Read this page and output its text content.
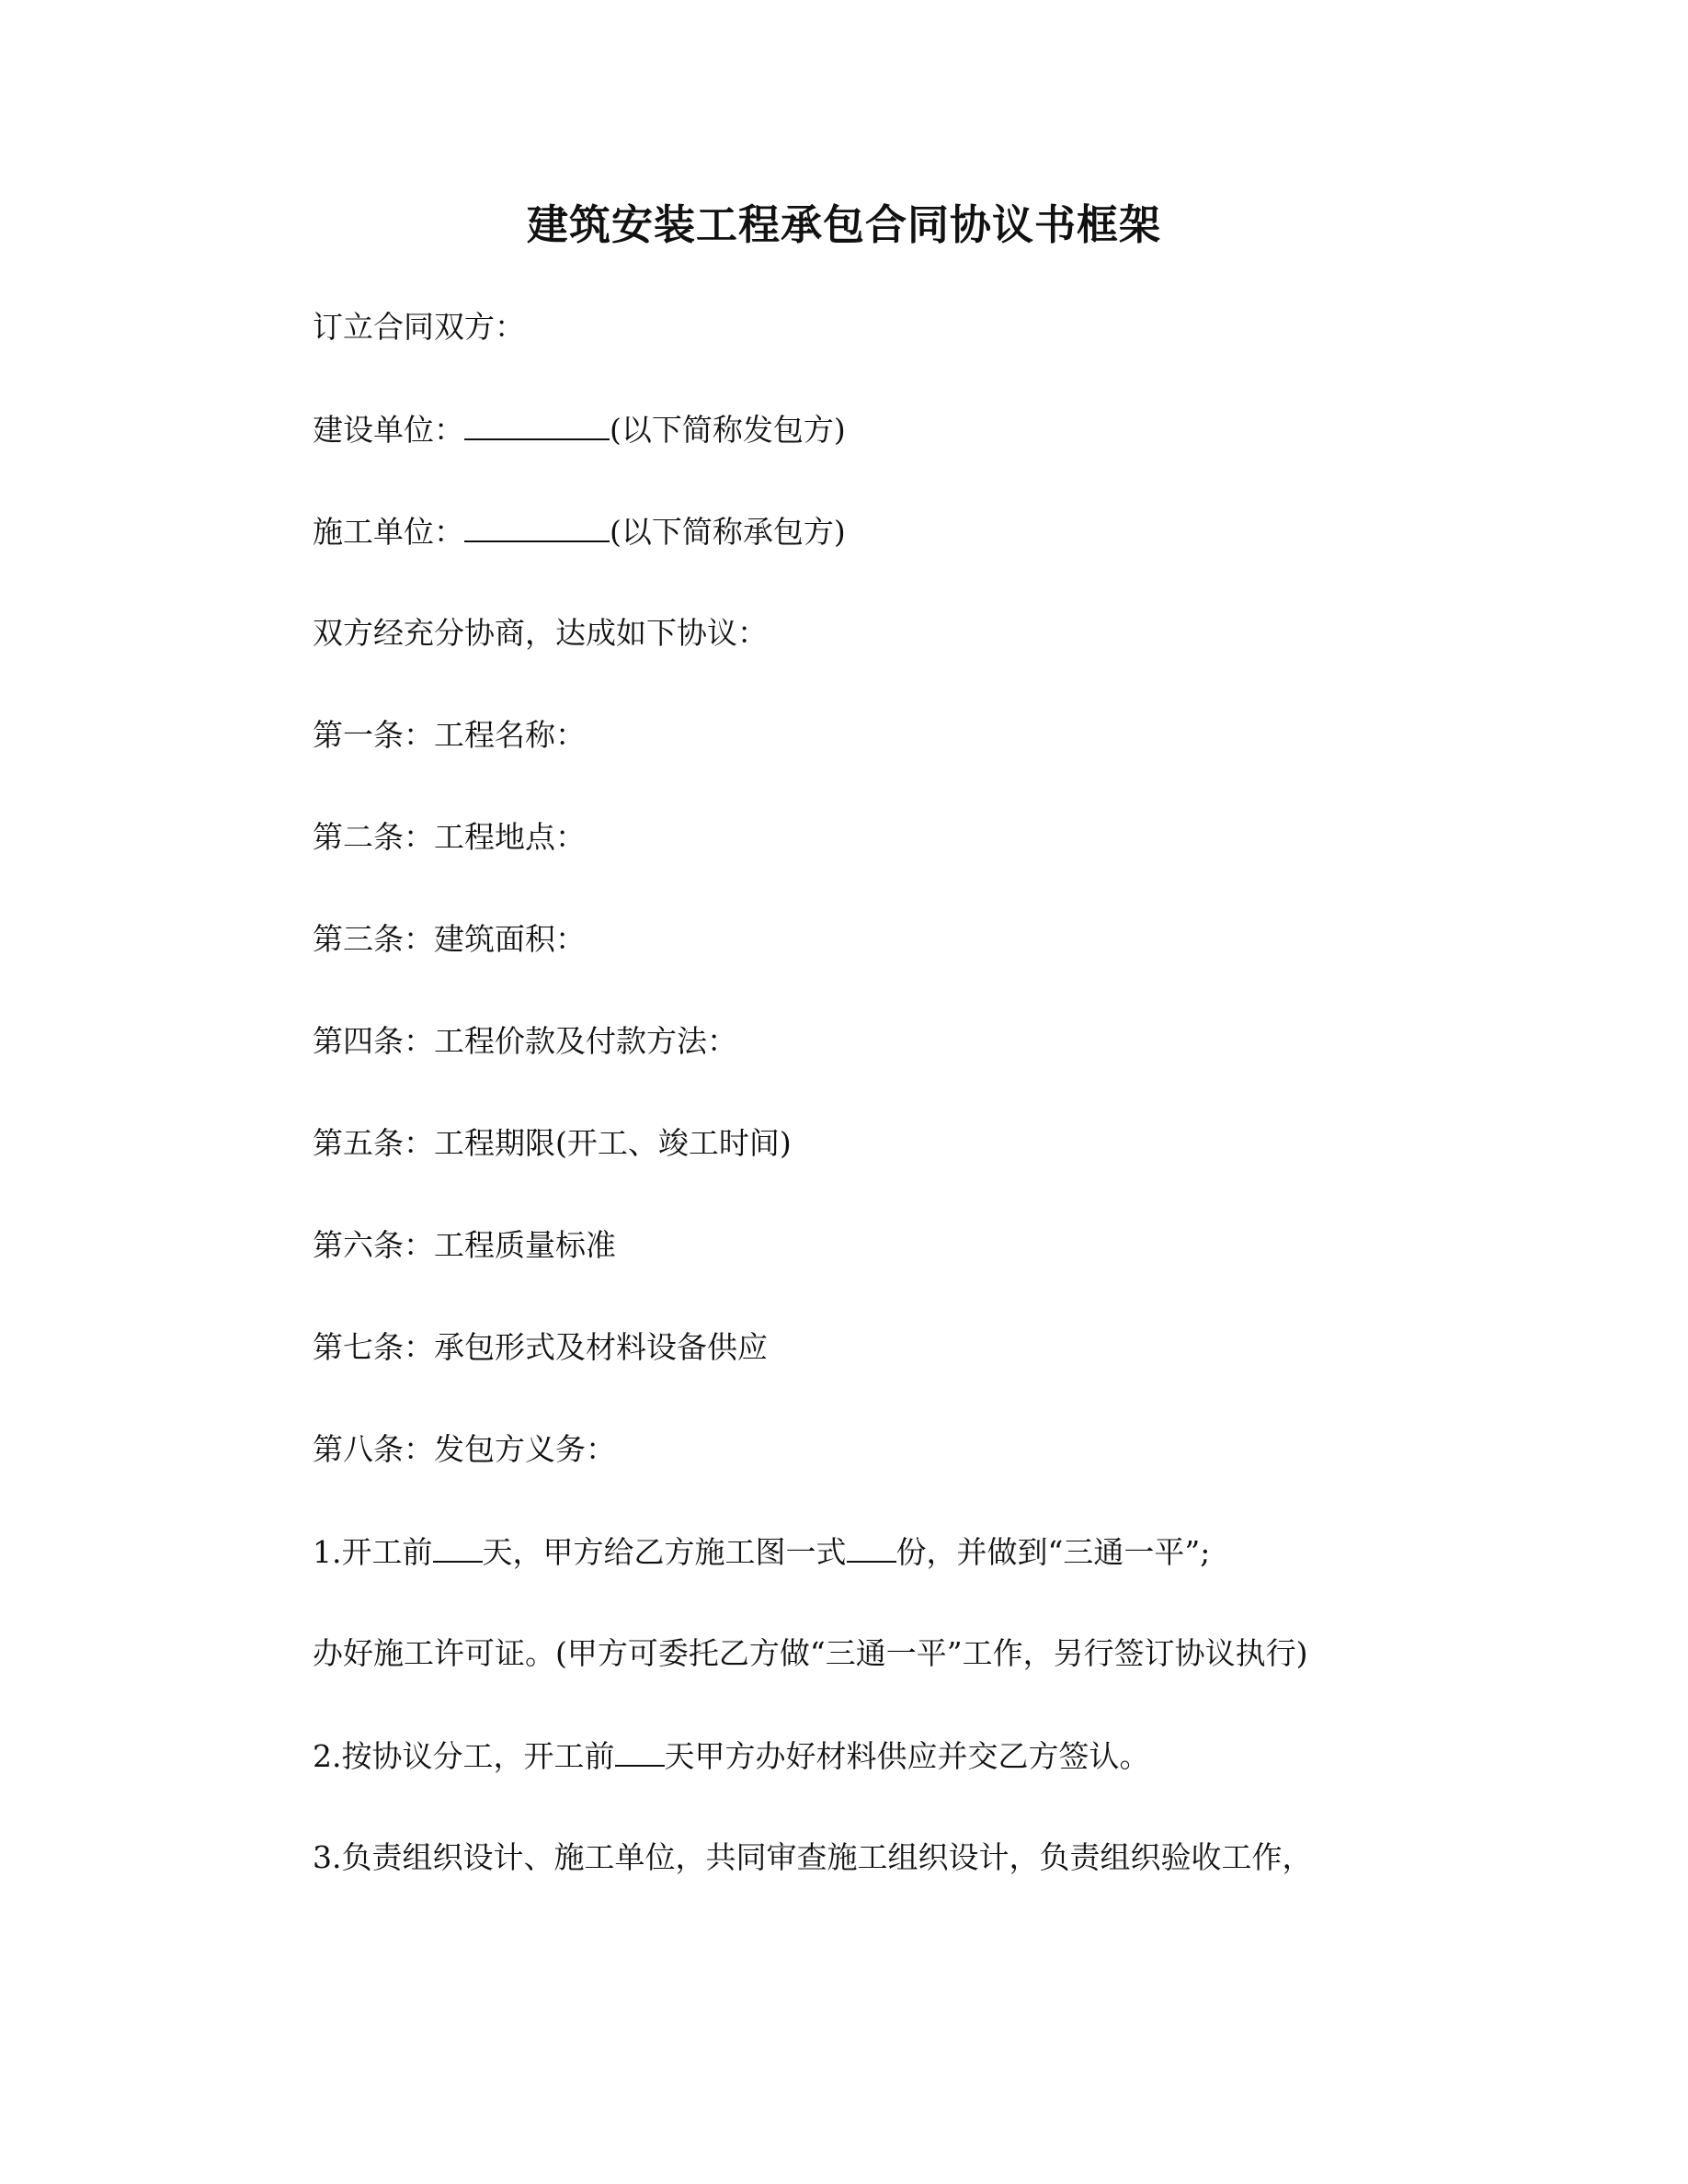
建筑安装工程承包合同协议书框架
订立合同双方：
建设单位：	(以下简称发包方)
施工单位：	(以下简称承包方)
双方经充分协商，达成如下协议：
第一条：工程名称：
第二条：工程地点：
第三条：建筑面积：
第四条：工程价款及付款方法：
第五条：工程期限(开工、竣工时间)
第六条：工程质量标准
第七条：承包形式及材料设备供应
第八条：发包方义务：
1.开工前 天，甲方给乙方施工图一式 份，并做到“三通一平”;
办好施工许可证。(甲方可委托乙方做“三通一平”工作，另行签订协议执行)
2.按协议分工，开工前 天甲方办好材料供应并交乙方签认。
3.负责组织设计、施工单位，共同审查施工组织设计，负责组织验收工作，
